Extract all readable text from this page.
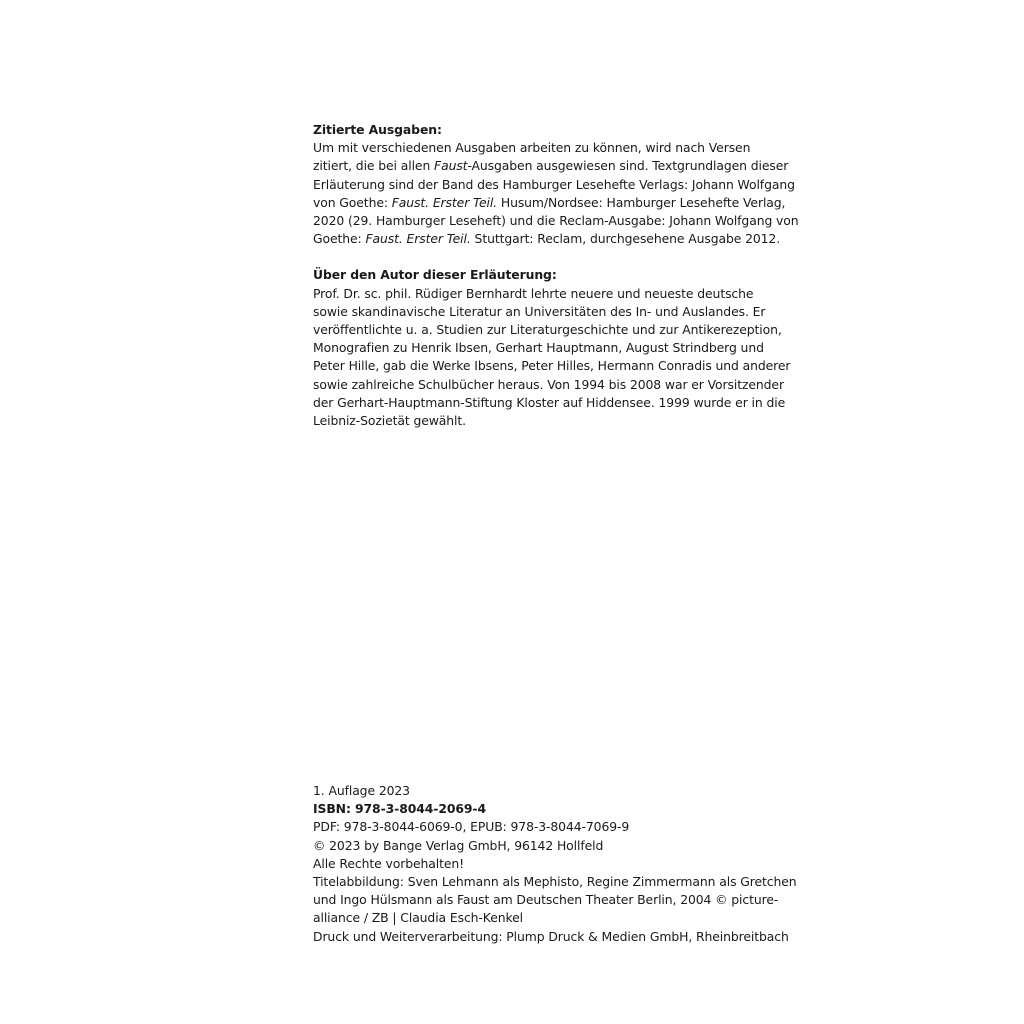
Zitierte Ausgaben:
Um mit verschiedenen Ausgaben arbeiten zu können, wird nach Versen
zitiert, die bei allen Faust-Ausgaben ausgewiesen sind. Textgrundlagen dieser
Erläuterung sind der Band des Hamburger Lesehefte Verlags: Johann Wolfgang
von Goethe: Faust. Erster Teil. Husum/Nordsee: Hamburger Lesehefte Verlag,
2020 (29. Hamburger Leseheft) und die Reclam-Ausgabe: Johann Wolfgang von
Goethe: Faust. Erster Teil. Stuttgart: Reclam, durchgesehene Ausgabe 2012.
Über den Autor dieser Erläuterung:
Prof. Dr. sc. phil. Rüdiger Bernhardt lehrte neuere und neueste deutsche
sowie skandinavische Literatur an Universitäten des In- und Auslandes. Er
veröffentlichte u. a. Studien zur Literaturgeschichte und zur Antikerezeption,
Monografien zu Henrik Ibsen, Gerhart Hauptmann, August Strindberg und
Peter Hille, gab die Werke Ibsens, Peter Hilles, Hermann Conradis und anderer
sowie zahlreiche Schulbücher heraus. Von 1994 bis 2008 war er Vorsitzender
der Gerhart-Hauptmann-Stiftung Kloster auf Hiddensee. 1999 wurde er in die
Leibniz-Sozietät gewählt.
1. Auflage 2023
ISBN: 978-3-8044-2069-4
PDF: 978-3-8044-6069-0, EPUB: 978-3-8044-7069-9
© 2023 by Bange Verlag GmbH, 96142 Hollfeld
Alle Rechte vorbehalten!
Titelabbildung: Sven Lehmann als Mephisto, Regine Zimmermann als Gretchen
und Ingo Hülsmann als Faust am Deutschen Theater Berlin, 2004 © picture-
alliance / ZB | Claudia Esch-Kenkel
Druck und Weiterverarbeitung: Plump Druck & Medien GmbH, Rheinbreitbach
